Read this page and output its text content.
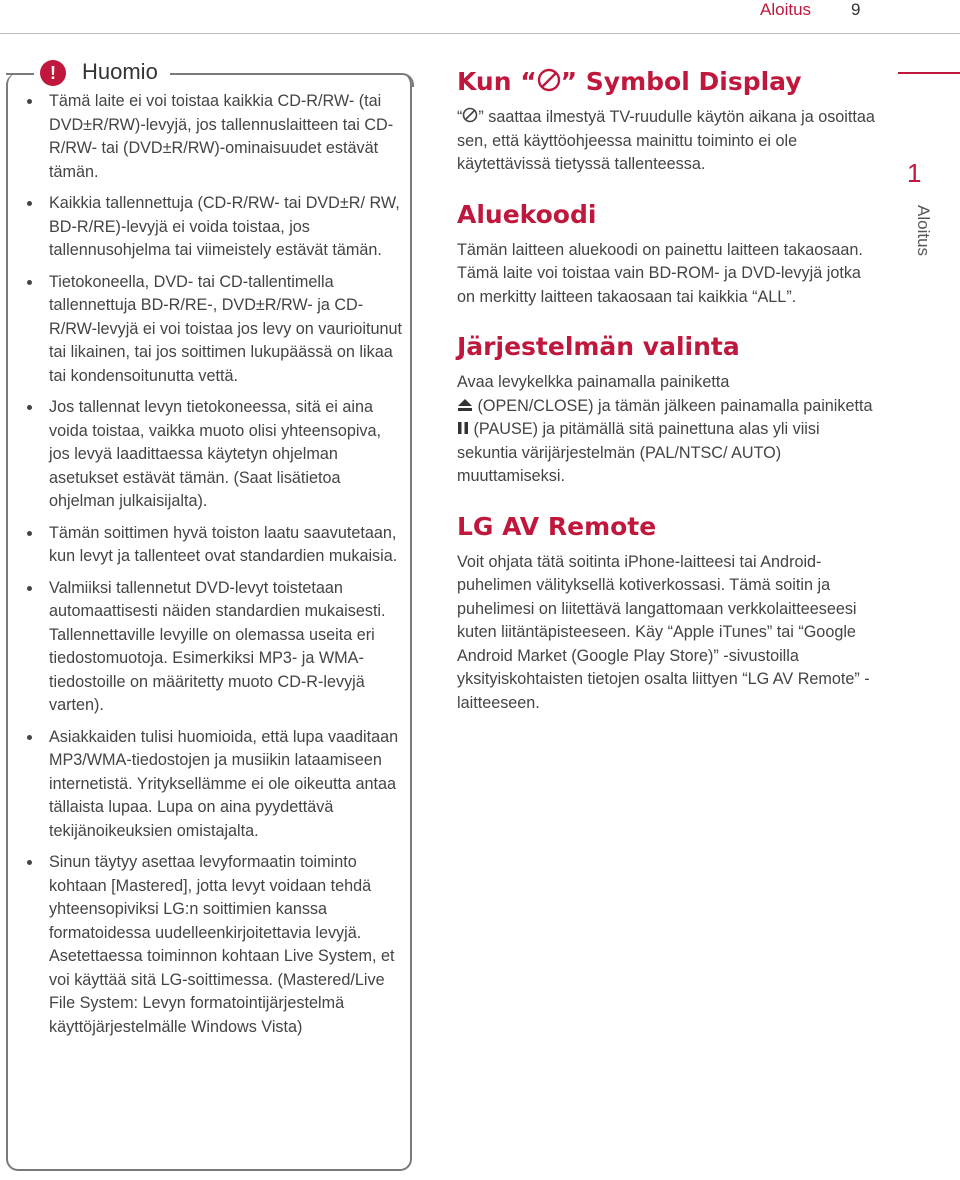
Aloitus 9
1
Aloitus
!	Huomio
Tämä laite ei voi toistaa kaikkia CD-R/RW- (tai DVD±R/RW)-levyjä, jos tallennuslaitteen tai CD-R/RW- tai (DVD±R/RW)-ominaisuudet estävät tämän.
Kaikkia tallennettuja (CD-R/RW- tai DVD±R/ RW, BD-R/RE)-levyjä ei voida toistaa, jos tallennusohjelma tai viimeistely estävät tämän.
Tietokoneella, DVD- tai CD-tallentimella tallennettuja BD-R/RE-, DVD±R/RW- ja CD-R/RW-levyjä ei voi toistaa jos levy on vaurioitunut tai likainen, tai jos soittimen lukupäässä on likaa tai kondensoitunutta vettä.
Jos tallennat levyn tietokoneessa, sitä ei aina voida toistaa, vaikka muoto olisi yhteensopiva, jos levyä laadittaessa käytetyn ohjelman asetukset estävät tämän. (Saat lisätietoa ohjelman julkaisijalta).
Tämän soittimen hyvä toiston laatu saavutetaan, kun levyt ja tallenteet ovat standardien mukaisia.
Valmiiksi tallennetut DVD-levyt toistetaan automaattisesti näiden standardien mukaisesti. Tallennettaville levyille on olemassa useita eri tiedostomuotoja. Esimerkiksi MP3- ja WMA-tiedostoille on määritetty muoto CD-R-levyjä varten).
Asiakkaiden tulisi huomioida, että lupa vaaditaan MP3/WMA-tiedostojen ja musiikin lataamiseen internetistä. Yrityksellämme ei ole oikeutta antaa tällaista lupaa. Lupa on aina pyydettävä tekijänoikeuksien omistajalta.
Sinun täytyy asettaa levyformaatin toiminto kohtaan [Mastered], jotta levyt voidaan tehdä yhteensopiviksi LG:n soittimien kanssa formatoidessa uudelleenkirjoitettavia levyjä. Asetettaessa toiminnon kohtaan Live System, et voi käyttää sitä LG-soittimessa. (Mastered/Live File System: Levyn formatointijärjestelmä käyttöjärjestelmälle Windows Vista)
Kun “ ” Symbol Display

“ ” saattaa ilmestyä TV-ruudulle käytön aikana ja osoittaa sen, että käyttöohjeessa mainittu toiminto ei ole käytettävissä tietyssä tallenteessa.

Aluekoodi

Tämän laitteen aluekoodi on painettu laitteen takaosaan. Tämä laite voi toistaa vain BD-ROM- ja DVD-levyjä jotka on merkitty laitteen takaosaan tai kaikkia “ALL”.

Järjestelmän valinta

Avaa levykelkka painamalla painiketta
(OPEN/CLOSE) ja tämän jälkeen painamalla painiketta  (PAUSE) ja pitämällä sitä painettuna alas yli viisi sekuntia värijärjestelmän (PAL/NTSC/ AUTO) muuttamiseksi.

LG AV Remote

Voit ohjata tätä soitinta iPhone-laitteesi tai Android-puhelimen välityksellä kotiverkossasi. Tämä soitin ja puhelimesi on liitettävä langattomaan verkkolaitteeseesi kuten liitäntäpisteeseen. Käy “Apple iTunes” tai “Google Android Market (Google Play Store)” -sivustoilla yksityiskohtaisten tietojen osalta liittyen “LG AV Remote” -laitteeseen.
